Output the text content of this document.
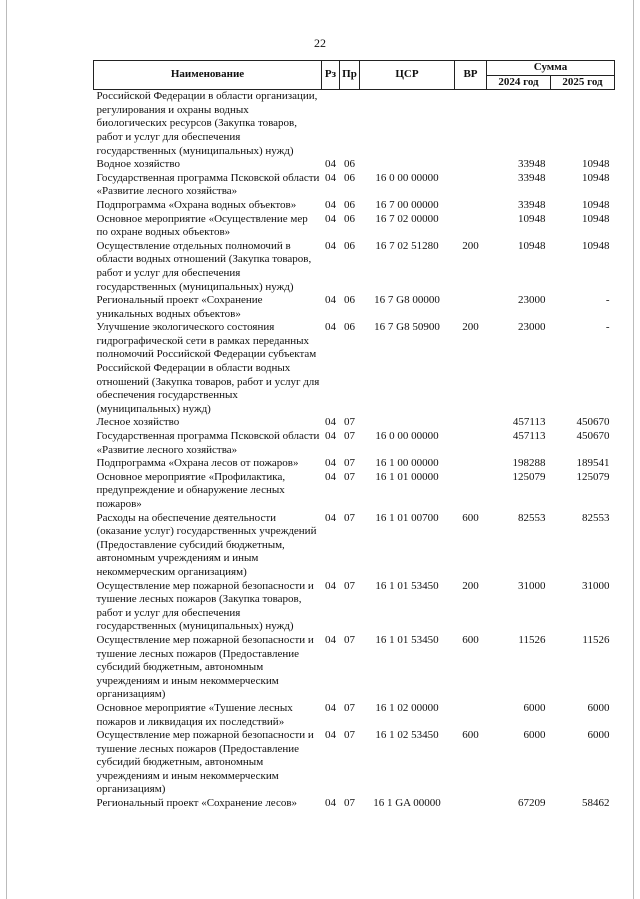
22
Наименование	Рз	Пр	ЦСР	ВР	Сумма	
					2024 год	2025 год
Российской Федерации в области организации, регулирования и охраны водных биологических ресурсов (Закупка товаров, работ и услуг для обеспечения государственных (муниципальных) нужд)						
Водное хозяйство	04	06			33948	10948
Государственная программа Псковской области «Развитие лесного хозяйства»	04	06	16 0 00 00000		33948	10948
Подпрограмма «Охрана водных объектов»	04	06	16 7 00 00000		33948	10948
Основное мероприятие «Осуществление мер по охране водных объектов»	04	06	16 7 02 00000		10948	10948
Осуществление отдельных полномочий в области водных отношений (Закупка товаров, работ и услуг для обеспечения государственных (муниципальных) нужд)	04	06	16 7 02 51280	200	10948	10948
Региональный проект «Сохранение уникальных водных объектов»	04	06	16 7 G8 00000		23000	-
Улучшение экологического состояния гидрографической сети в рамках переданных полномочий Российской Федерации субъектам Российской Федерации в области водных отношений (Закупка товаров, работ и услуг для обеспечения государственных (муниципальных) нужд)	04	06	16 7 G8 50900	200	23000	-
Лесное хозяйство	04	07			457113	450670
Государственная программа Псковской области «Развитие лесного хозяйства»	04	07	16 0 00 00000		457113	450670
Подпрограмма «Охрана лесов от пожаров»	04	07	16 1 00 00000		198288	189541
Основное мероприятие «Профилактика, предупреждение и обнаружение лесных пожаров»	04	07	16 1 01 00000		125079	125079
Расходы на обеспечение деятельности (оказание услуг) государственных учреждений (Предоставление субсидий бюджетным, автономным учреждениям и иным некоммерческим организациям)	04	07	16 1 01 00700	600	82553	82553
Осуществление мер пожарной безопасности и тушение лесных пожаров (Закупка товаров, работ и услуг для обеспечения государственных (муниципальных) нужд)	04	07	16 1 01 53450	200	31000	31000
Осуществление мер пожарной безопасности и тушение лесных пожаров (Предоставление субсидий бюджетным, автономным учреждениям и иным некоммерческим организациям)	04	07	16 1 01 53450	600	11526	11526
Основное мероприятие «Тушение лесных пожаров и ликвидация их последствий»	04	07	16 1 02 00000		6000	6000
Осуществление мер пожарной безопасности и тушение лесных пожаров (Предоставление субсидий бюджетным, автономным учреждениям и иным некоммерческим организациям)	04	07	16 1 02 53450	600	6000	6000
Региональный проект «Сохранение лесов»	04	07	16 1 GA 00000		67209	58462
